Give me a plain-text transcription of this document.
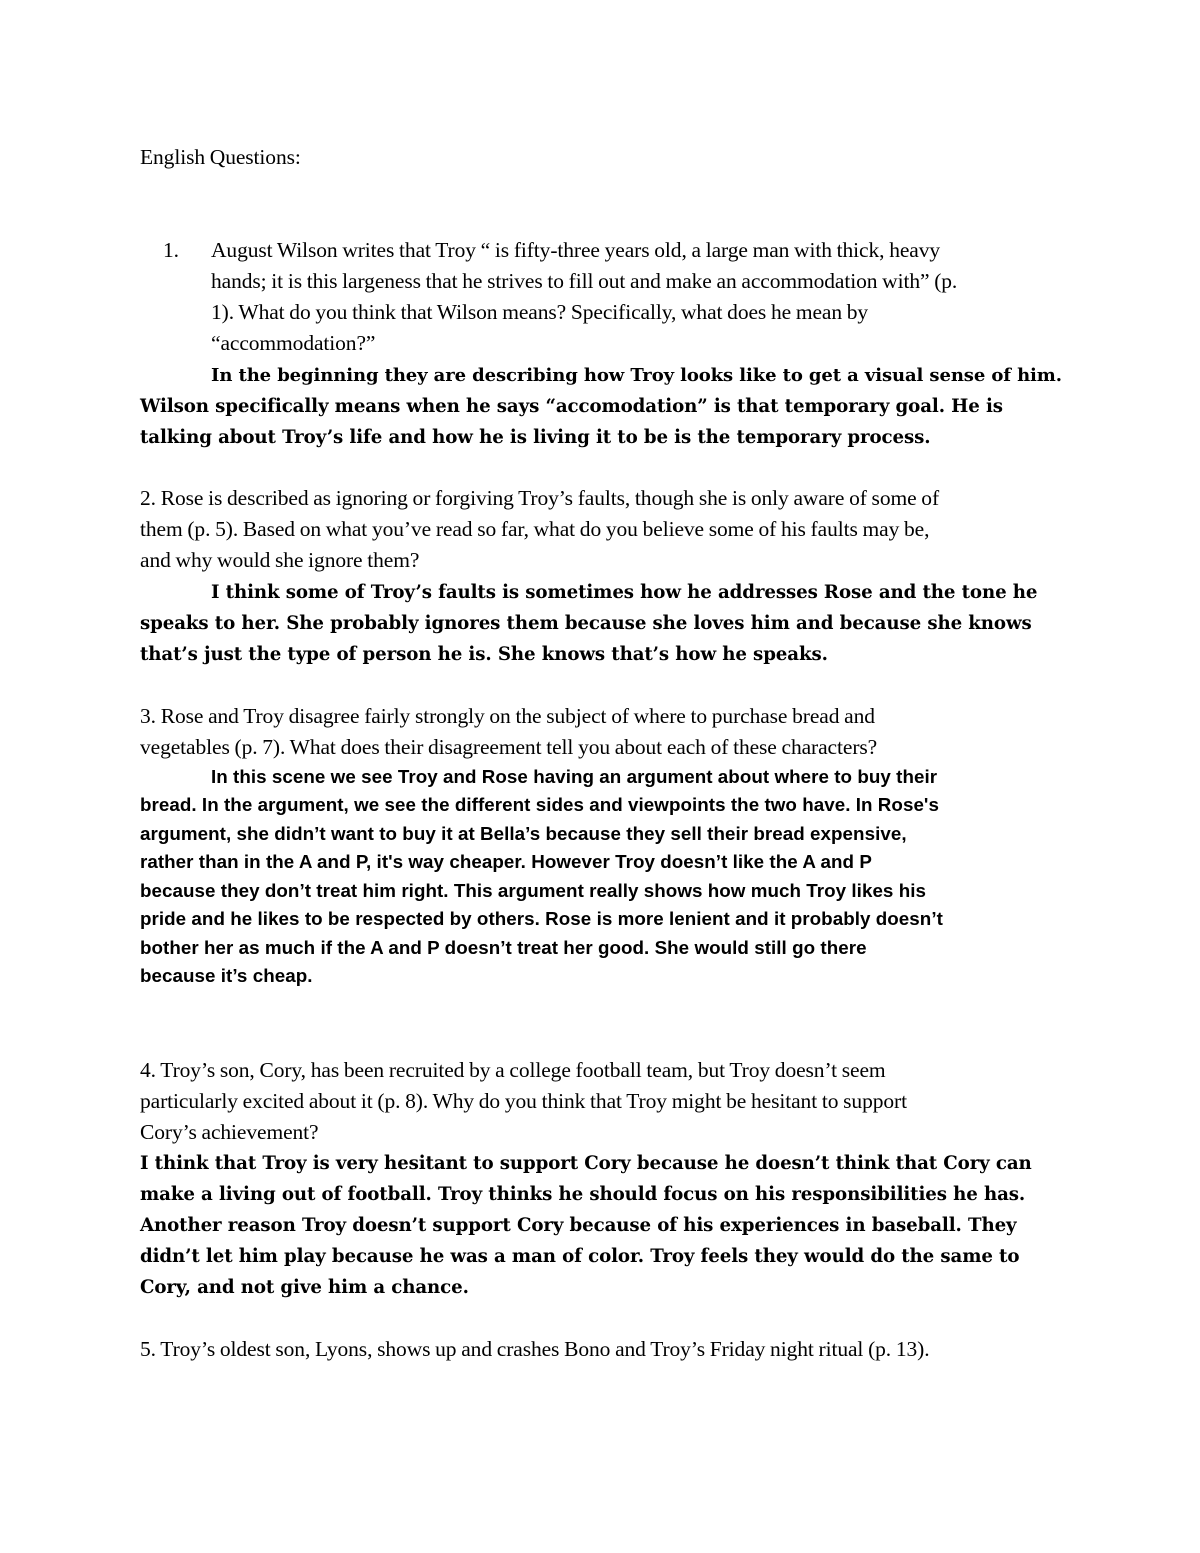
English Questions:

1. August Wilson writes that Troy “ is fifty-three years old, a large man with thick, heavy

hands; it is this largeness that he strives to fill out and make an accommodation with” (p.

1). What do you think that Wilson means? Specifically, what does he mean by

“accommodation?”

In the beginning they are describing how Troy looks like to get a visual sense of him.

Wilson specifically means when he says “accomodation” is that temporary goal. He is

talking about Troy’s life and how he is living it to be is the temporary process.

2. Rose is described as ignoring or forgiving Troy’s faults, though she is only aware of some of

them (p. 5). Based on what you’ve read so far, what do you believe some of his faults may be,

and why would she ignore them?

I think some of Troy’s faults is sometimes how he addresses Rose and the tone he

speaks to her. She probably ignores them because she loves him and because she knows

that’s just the type of person he is. She knows that’s how he speaks.

3. Rose and Troy disagree fairly strongly on the subject of where to purchase bread and

vegetables (p. 7). What does their disagreement tell you about each of these characters?

In this scene we see Troy and Rose having an argument about where to buy their

bread. In the argument, we see the different sides and viewpoints the two have. In Rose's

argument, she didn’t want to buy it at Bella’s because they sell their bread expensive,

rather than in the A and P, it's way cheaper. However Troy doesn’t like the A and P

because they don’t treat him right. This argument really shows how much Troy likes his

pride and he likes to be respected by others. Rose is more lenient and it probably doesn’t

bother her as much if the A and P doesn’t treat her good. She would still go there

because it’s cheap.

4. Troy’s son, Cory, has been recruited by a college football team, but Troy doesn’t seem

particularly excited about it (p. 8). Why do you think that Troy might be hesitant to support

Cory’s achievement?

I think that Troy is very hesitant to support Cory because he doesn’t think that Cory can

make a living out of football. Troy thinks he should focus on his responsibilities he has.

Another reason Troy doesn’t support Cory because of his experiences in baseball. They

didn’t let him play because he was a man of color. Troy feels they would do the same to

Cory, and not give him a chance.

5. Troy’s oldest son, Lyons, shows up and crashes Bono and Troy’s Friday night ritual (p. 13).
